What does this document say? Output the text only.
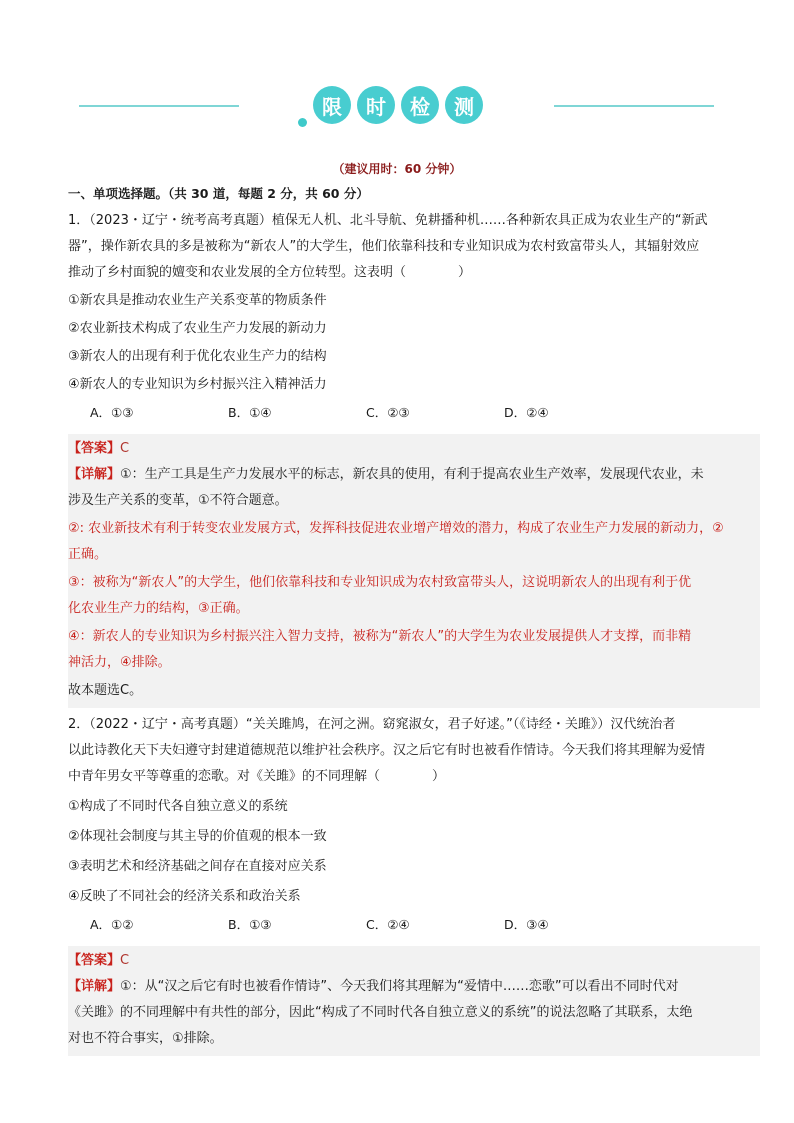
限	时	检	测
（建议用时：60 分钟）
一、单项选择题。（共 30 道，每题 2 分，共 60 分）

1．（2023・辽宁・统考高考真题）植保无人机、北斗导航、免耕播种机……各种新农具正成为农业生产的“新武

器”，操作新农具的多是被称为“新农人”的大学生，他们依靠科技和专业知识成为农村致富带头人，其辐射效应

推动了乡村面貌的嬗变和农业发展的全方位转型。这表明（　　　　）

①新农具是推动农业生产关系变革的物质条件

②农业新技术构成了农业生产力发展的新动力

③新农人的出现有利于优化农业生产力的结构

④新农人的专业知识为乡村振兴注入精神活力

A．①③	B．①④	C．②③	D．②④

【答案】C

【详解】①：生产工具是生产力发展水平的标志，新农具的使用，有利于提高农业生产效率，发展现代农业，未

涉及生产关系的变革，①不符合题意。

②: 农业新技术有利于转变农业发展方式，发挥科技促进农业增产增效的潜力，构成了农业生产力发展的新动力，②

正确。

③：被称为“新农人”的大学生，他们依靠科技和专业知识成为农村致富带头人，这说明新农人的出现有利于优

化农业生产力的结构，③正确。

④：新农人的专业知识为乡村振兴注入智力支持，被称为“新农人”的大学生为农业发展提供人才支撑，而非精

神活力，④排除。

故本题选C。

2．（2022・辽宁・高考真题）“关关雎鸠，在河之洲。窈窕淑女，君子好逑。”（《诗经・关雎》）汉代统治者

以此诗教化天下夫妇遵守封建道德规范以维护社会秩序。汉之后它有时也被看作情诗。今天我们将其理解为爱情

中青年男女平等尊重的恋歌。对《关雎》的不同理解（　　　　）

①构成了不同时代各自独立意义的系统

②体现社会制度与其主导的价值观的根本一致

③表明艺术和经济基础之间存在直接对应关系

④反映了不同社会的经济关系和政治关系

A．①②	B．①③	C．②④	D．③④

【答案】C

【详解】①：从“汉之后它有时也被看作情诗”、今天我们将其理解为“爱情中……恋歌”可以看出不同时代对

《关雎》的不同理解中有共性的部分，因此“构成了不同时代各自独立意义的系统”的说法忽略了其联系，太绝

对也不符合事实，①排除。
